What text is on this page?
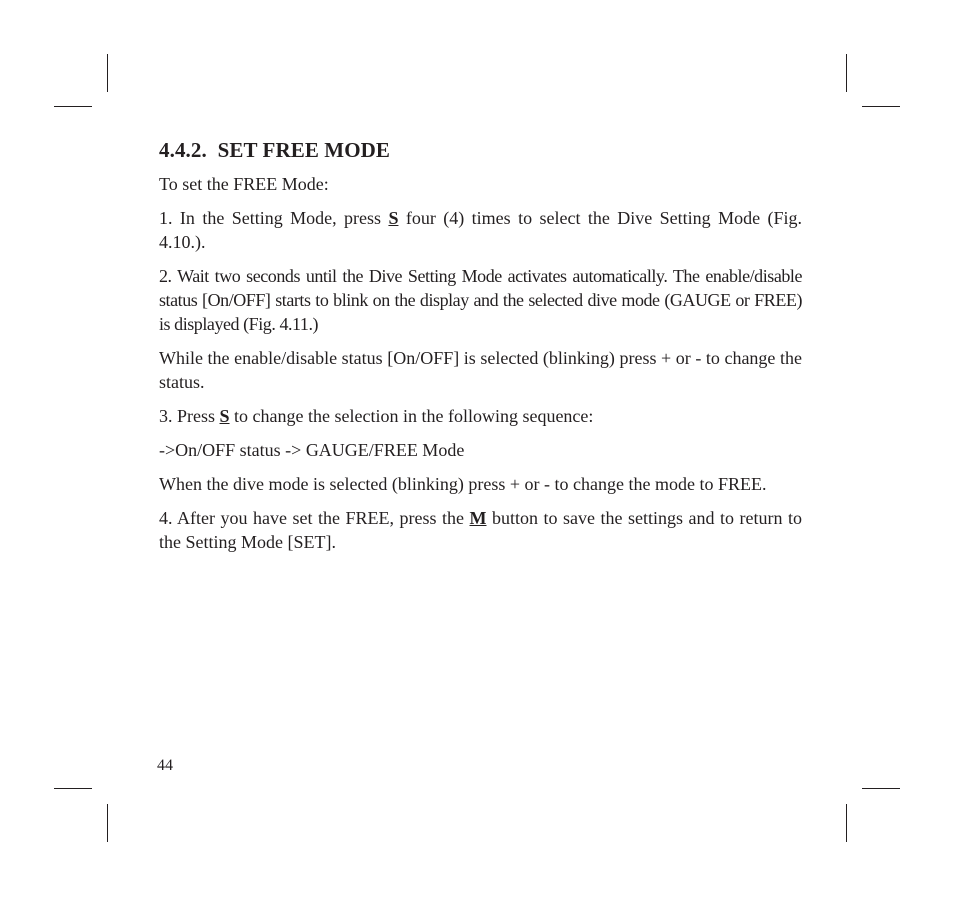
4.4.2. SET FREE MODE

To set the FREE Mode:

1. In the Setting Mode, press S four (4) times to select the Dive Setting Mode (Fig. 4.10.).

2. Wait two seconds until the Dive Setting Mode activates automatically. The enable/disable status [On/OFF] starts to blink on the display and the selected dive mode (GAUGE or FREE) is displayed (Fig. 4.11.)

While the enable/disable status [On/OFF] is selected (blinking) press + or - to change the status.

3. Press S to change the selection in the following sequence:

->On/OFF status -> GAUGE/FREE Mode

When the dive mode is selected (blinking) press + or - to change the mode to FREE.

4. After you have set the FREE, press the M button to save the settings and to return to the Setting Mode [SET].

44
